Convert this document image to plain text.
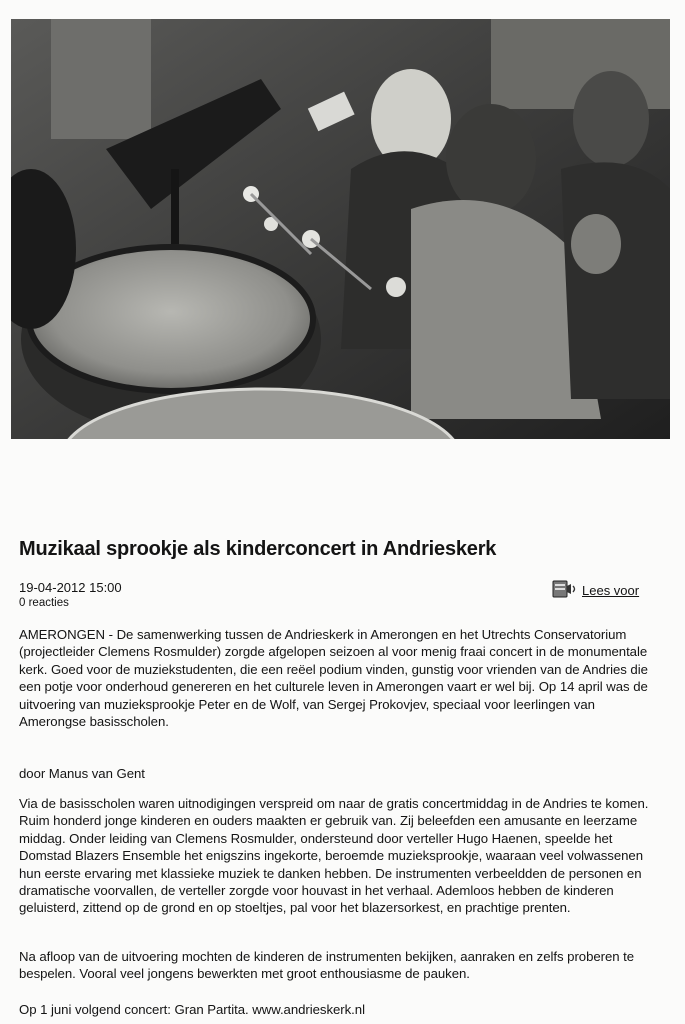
Muzikaal sprookje als kinderconcert in Andrieskerk
19-04-2012 15:00
0 reacties
Lees voor

AMERONGEN - De samenwerking tussen de Andrieskerk in Amerongen en het Utrechts Conservatorium (projectleider Clemens Rosmulder) zorgde afgelopen seizoen al voor menig fraai concert in de monumentale kerk. Goed voor de muziekstudenten, die een reëel podium vinden, gunstig voor vrienden van de Andries die een potje voor onderhoud genereren en het culturele leven in Amerongen vaart er wel bij. Op 14 april was de uitvoering van muzieksprookje Peter en de Wolf, van Sergej Prokovjev, speciaal voor leerlingen van Amerongse basisscholen.

door Manus van Gent

Via de basisscholen waren uitnodigingen verspreid om naar de gratis concertmiddag in de Andries te komen. Ruim honderd jonge kinderen en ouders maakten er gebruik van. Zij beleefden een amusante en leerzame middag. Onder leiding van Clemens Rosmulder, ondersteund door verteller Hugo Haenen, speelde het Domstad Blazers Ensemble het enigszins ingekorte, beroemde muzieksprookje, waaraan veel volwassenen hun eerste ervaring met klassieke muziek te danken hebben. De instrumenten verbeeldden de personen en dramatische voorvallen, de verteller zorgde voor houvast in het verhaal. Ademloos hebben de kinderen geluisterd, zittend op de grond en op stoeltjes, pal voor het blazersorkest, en prachtige prenten.

Na afloop van de uitvoering mochten de kinderen de instrumenten bekijken, aanraken en zelfs proberen te bespelen. Vooral veel jongens bewerkten met groot enthousiasme de pauken.

Op 1 juni volgend concert: Gran Partita. www.andrieskerk.nl
